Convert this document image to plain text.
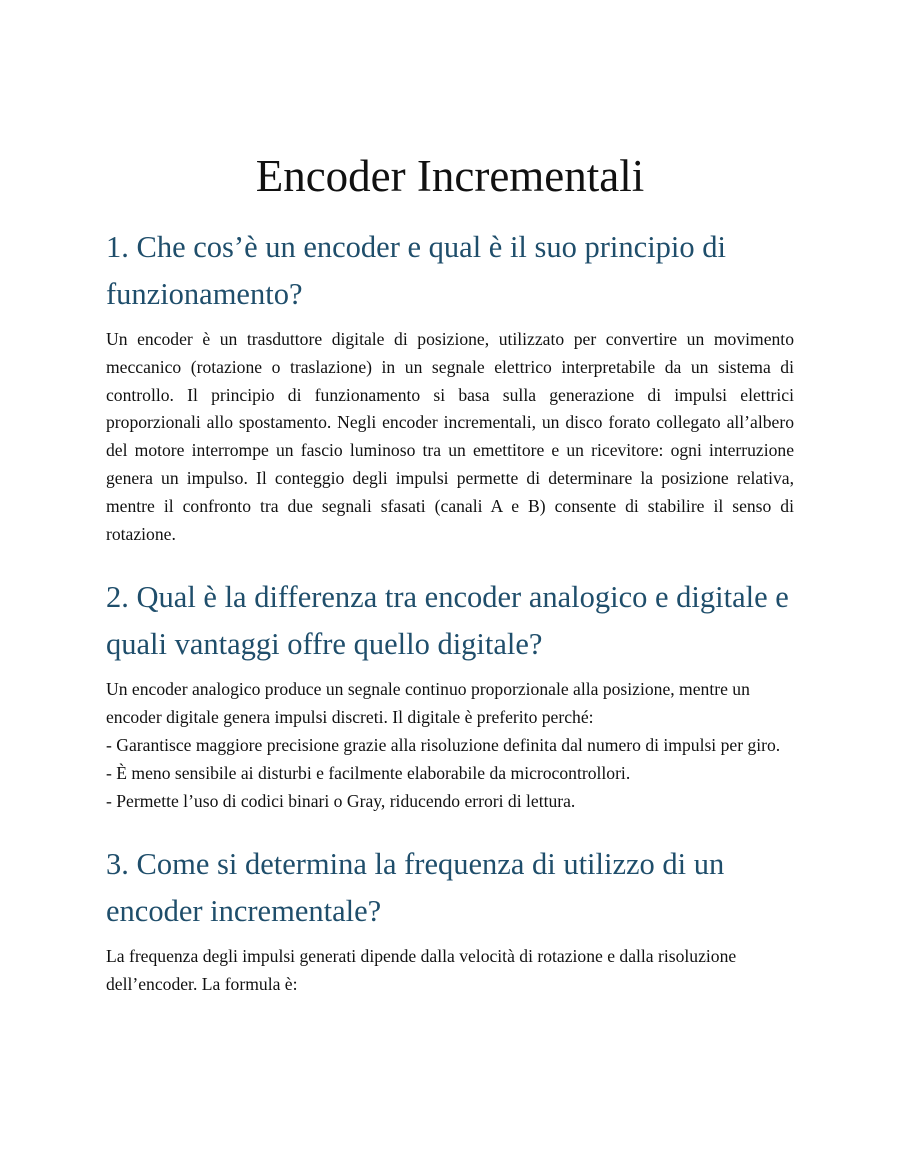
Encoder Incrementali
1. Che cos’è un encoder e qual è il suo principio di funzionamento?

Un encoder è un trasduttore digitale di posizione, utilizzato per convertire un movimento meccanico (rotazione o traslazione) in un segnale elettrico interpretabile da un sistema di controllo. Il principio di funzionamento si basa sulla generazione di impulsi elettrici proporzionali allo spostamento. Negli encoder incrementali, un disco forato collegato all’albero del motore interrompe un fascio luminoso tra un emettitore e un ricevitore: ogni interruzione genera un impulso. Il conteggio degli impulsi permette di determinare la posizione relativa, mentre il confronto tra due segnali sfasati (canali A e B) consente di stabilire il senso di rotazione.

2. Qual è la differenza tra encoder analogico e digitale e quali vantaggi offre quello digitale?

Un encoder analogico produce un segnale continuo proporzionale alla posizione, mentre un encoder digitale genera impulsi discreti. Il digitale è preferito perché:
- Garantisce maggiore precisione grazie alla risoluzione definita dal numero di impulsi per giro.
- È meno sensibile ai disturbi e facilmente elaborabile da microcontrollori.
- Permette l’uso di codici binari o Gray, riducendo errori di lettura.

3. Come si determina la frequenza di utilizzo di un encoder incrementale?

La frequenza degli impulsi generati dipende dalla velocità di rotazione e dalla risoluzione dell’encoder. La formula è:
